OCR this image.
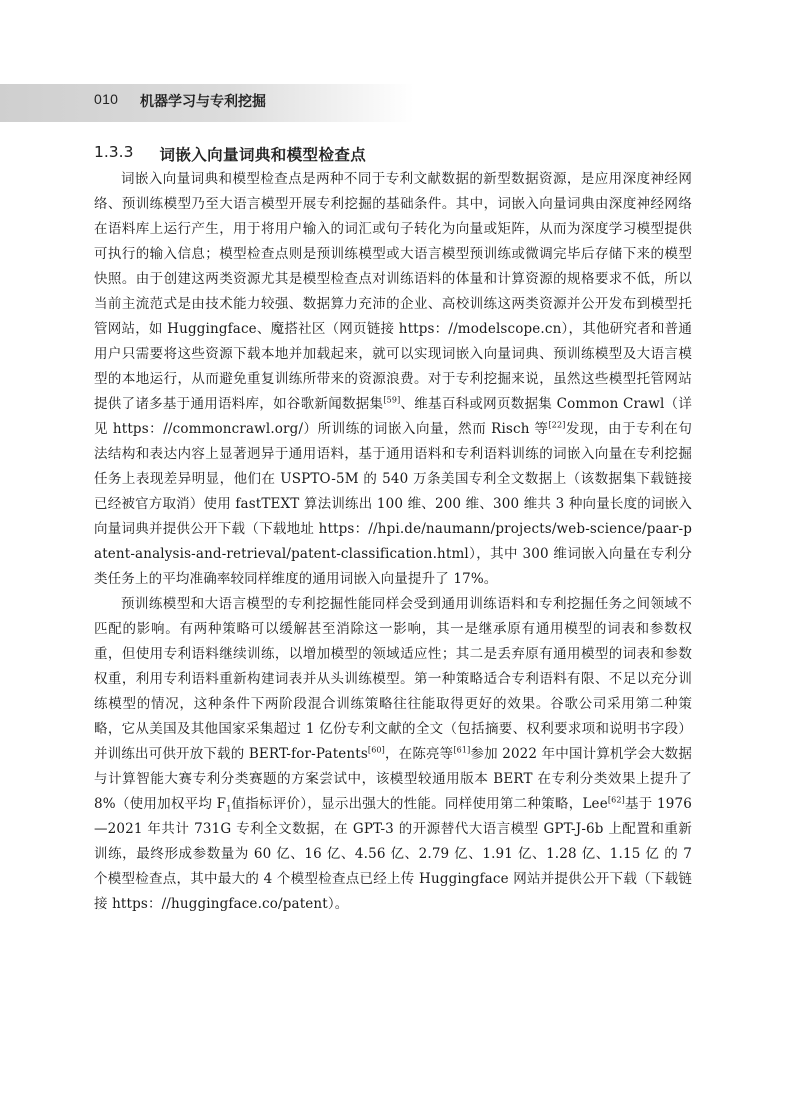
010 机器学习与专利挖掘
1.3.3 词嵌入向量词典和模型检查点

词嵌入向量词典和模型检查点是两种不同于专利文献数据的新型数据资源，是应用深度神经网络、预训练模型乃至大语言模型开展专利挖掘的基础条件。其中，词嵌入向量词典由深度神经网络在语料库上运行产生，用于将用户输入的词汇或句子转化为向量或矩阵，从而为深度学习模型提供可执行的输入信息；模型检查点则是预训练模型或大语言模型预训练或微调完毕后存储下来的模型快照。由于创建这两类资源尤其是模型检查点对训练语料的体量和计算资源的规格要求不低，所以当前主流范式是由技术能力较强、数据算力充沛的企业、高校训练这两类资源并公开发布到模型托管网站，如 Huggingface、魔搭社区（网页链接 https：//modelscope.cn），其他研究者和普通用户只需要将这些资源下载本地并加载起来，就可以实现词嵌入向量词典、预训练模型及大语言模型的本地运行，从而避免重复训练所带来的资源浪费。对于专利挖掘来说，虽然这些模型托管网站提供了诸多基于通用语料库，如谷歌新闻数据集[59]、维基百科或网页数据集 Common Crawl（详见 https：//commoncrawl.org/）所训练的词嵌入向量，然而 Risch 等[22]发现，由于专利在句法结构和表达内容上显著迥异于通用语料，基于通用语料和专利语料训练的词嵌入向量在专利挖掘任务上表现差异明显，他们在 USPTO-5M 的 540 万条美国专利全文数据上（该数据集下载链接已经被官方取消）使用 fastTEXT 算法训练出 100 维、200 维、300 维共 3 种向量长度的词嵌入向量词典并提供公开下载（下载地址 https：//hpi.de/naumann/projects/web-science/paar-patent-analysis-and-retrieval/patent-classification.html），其中 300 维词嵌入向量在专利分类任务上的平均准确率较同样维度的通用词嵌入向量提升了 17%。

预训练模型和大语言模型的专利挖掘性能同样会受到通用训练语料和专利挖掘任务之间领域不匹配的影响。有两种策略可以缓解甚至消除这一影响，其一是继承原有通用模型的词表和参数权重，但使用专利语料继续训练，以增加模型的领域适应性；其二是丢弃原有通用模型的词表和参数权重，利用专利语料重新构建词表并从头训练模型。第一种策略适合专利语料有限、不足以充分训练模型的情况，这种条件下两阶段混合训练策略往往能取得更好的效果。谷歌公司采用第二种策略，它从美国及其他国家采集超过 1 亿份专利文献的全文（包括摘要、权利要求项和说明书字段）并训练出可供开放下载的 BERT-for-Patents[60]，在陈亮等[61]参加 2022 年中国计算机学会大数据与计算智能大赛专利分类赛题的方案尝试中，该模型较通用版本 BERT 在专利分类效果上提升了 8%（使用加权平均 $F_1$值指标评价），显示出强大的性能。同样使用第二种策略，Lee[62]基于 1976—2021 年共计 731G 专利全文数据，在 GPT-3 的开源替代大语言模型 GPT-J-6b 上配置和重新训练，最终形成参数量为 60 亿、16 亿、4.56 亿、2.79 亿、1.91 亿、1.28 亿、1.15 亿 的 7 个模型检查点，其中最大的 4 个模型检查点已经上传 Huggingface 网站并提供公开下载（下载链接 https：//huggingface.co/patent）。
